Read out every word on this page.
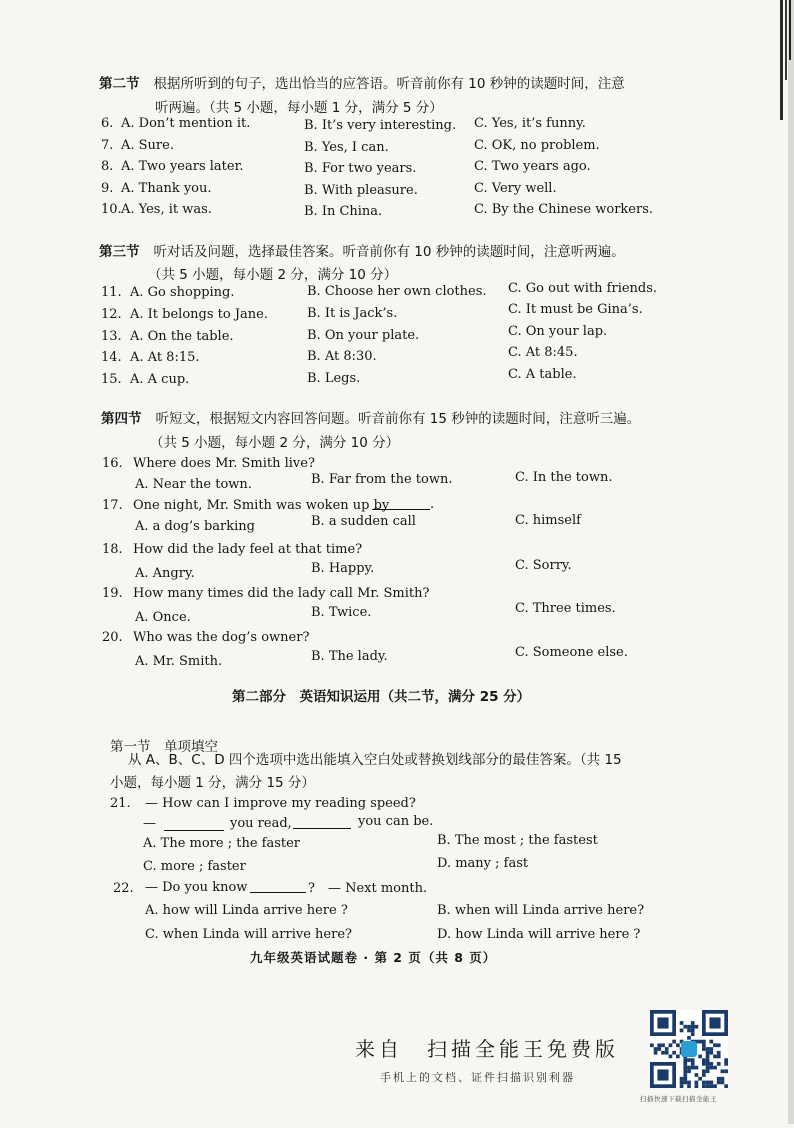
第二节 根据所听到的句子，选出恰当的应答语。听音前你有 10 秒钟的读题时间，注意
听两遍。（共 5 小题，每小题 1 分，满分 5 分）
6. A. Don’t mention it.	B. It’s very interesting. C. Yes, it’s funny.
7. A. Sure.	B. Yes, I can.	C. OK, no problem.
8. A. Two years later.	B. For two years.	C. Two years ago.
9. A. Thank you.	B. With pleasure.	C. Very well.
10. A. Yes, it was.	B. In China.	C. By the Chinese workers.
第三节 听对话及问题，选择最佳答案。听音前你有 10 秒钟的读题时间，注意听两遍。
（共 5 小题，每小题 2 分，满分 10 分）
11. A. Go shopping.	B. Choose her own clothes. C. Go out with friends.
12. A. It belongs to Jane.	B. It is Jack’s.	C. It must be Gina’s.
13. A. On the table.	B. On your plate.	C. On your lap.
14. A. At 8:15.	B. At 8:30.	C. At 8:45.
15. A. A cup.	B. Legs.	C. A table.
第四节 听短文，根据短文内容回答问题。听音前你有 15 秒钟的读题时间，注意听三遍。
（共 5 小题，每小题 2 分，满分 10 分）
16. Where does Mr. Smith live?
A. Near the town.	B. Far from the town.	C. In the town.
17. One night, Mr. Smith was woken up by
A. a dog’s barking	B. a sudden call	C. himself
18. How did the lady feel at that time?
A. Angry.	B. Happy.	C. Sorry.
19. How many times did the lady call Mr. Smith?
A. Once.	B. Twice.	C. Three times.
20. Who was the dog’s owner?
A. Mr. Smith.	B. The lady.	C. Someone else.
.
第二部分　英语知识运用（共二节，满分 25 分）
第一节　单项填空
从 A、B、C、D 四个选项中选出能填入空白处或替换划线部分的最佳答案。（共 15
小题，每小题 1 分，满分 15 分）
21. — How can I improve my reading speed?
—	you read,	you can be.
A. The more ; the faster	B. The most ; the fastest
C. more ; faster	D. many ; fast
22. — Do you know	?　— Next month.
A. how will Linda arrive here ?	B. when will Linda arrive here?
C. when Linda will arrive here?	D. how Linda will arrive here ?
九年级英语试题卷 · 第 2 页（共 8 页）
来自　扫描全能王免费版
手机上的文档、证件扫描识别利器
扫描快速下载扫描全能王
